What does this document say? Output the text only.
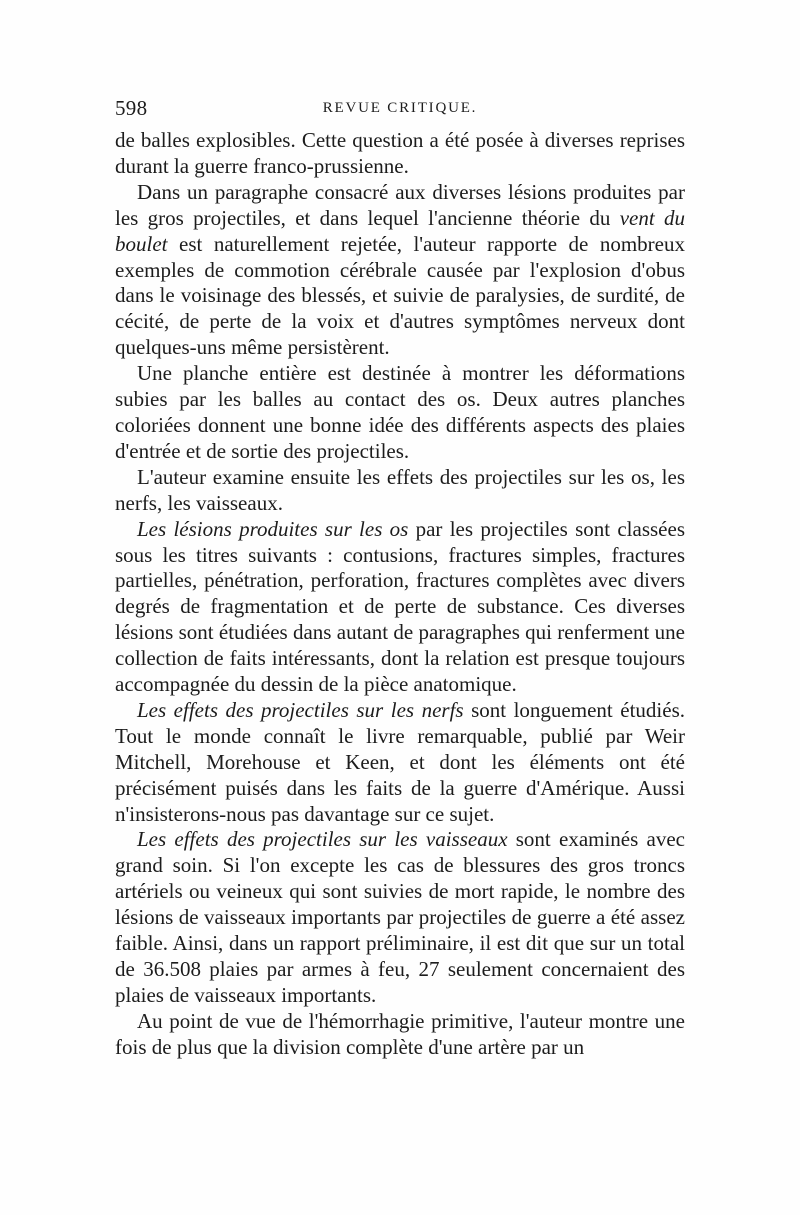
598	REVUE CRITIQUE.

de balles explosibles. Cette question a été posée à diverses reprises durant la guerre franco-prussienne.

Dans un paragraphe consacré aux diverses lésions produites par les gros projectiles, et dans lequel l'ancienne théorie du vent du boulet est naturellement rejetée, l'auteur rapporte de nombreux exemples de commotion cérébrale causée par l'explosion d'obus dans le voisinage des blessés, et suivie de paralysies, de surdité, de cécité, de perte de la voix et d'autres symptômes nerveux dont quelques-uns même persistèrent.

Une planche entière est destinée à montrer les déformations subies par les balles au contact des os. Deux autres planches coloriées donnent une bonne idée des différents aspects des plaies d'entrée et de sortie des projectiles.

L'auteur examine ensuite les effets des projectiles sur les os, les nerfs, les vaisseaux.

Les lésions produites sur les os par les projectiles sont classées sous les titres suivants : contusions, fractures simples, fractures partielles, pénétration, perforation, fractures complètes avec divers degrés de fragmentation et de perte de substance. Ces diverses lésions sont étudiées dans autant de paragraphes qui renferment une collection de faits intéressants, dont la relation est presque toujours accompagnée du dessin de la pièce anatomique.

Les effets des projectiles sur les nerfs sont longuement étudiés. Tout le monde connaît le livre remarquable, publié par Weir Mitchell, Morehouse et Keen, et dont les éléments ont été précisément puisés dans les faits de la guerre d'Amérique. Aussi n'insisterons-nous pas davantage sur ce sujet.

Les effets des projectiles sur les vaisseaux sont examinés avec grand soin. Si l'on excepte les cas de blessures des gros troncs artériels ou veineux qui sont suivies de mort rapide, le nombre des lésions de vaisseaux importants par projectiles de guerre a été assez faible. Ainsi, dans un rapport préliminaire, il est dit que sur un total de 36.508 plaies par armes à feu, 27 seulement concernaient des plaies de vaisseaux importants.

Au point de vue de l'hémorrhagie primitive, l'auteur montre une fois de plus que la division complète d'une artère par un
